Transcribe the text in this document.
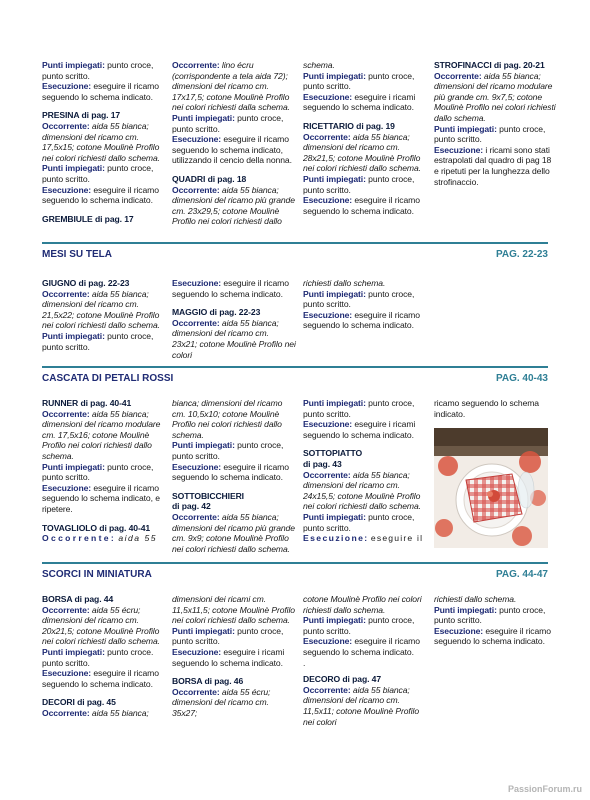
Punti impiegati: punto croce, punto scritto.
Esecuzione: eseguire il ricamo seguendo lo schema indicato.

PRESINA di pag. 17
Occorrente: aida 55 bianca; dimensioni del ricamo cm. 17,5x15; cotone Moulinè Profilo nei colori richiesti dallo schema.
Punti impiegati: punto croce, punto scritto.
Esecuzione: eseguire il ricamo seguendo lo schema indicato.

GREMBIULE di pag. 17

Occorrente: lino écru (corrispondente a tela aida 72); dimensioni del ricamo cm. 17x17,5; cotone Moulinè Profilo nei colori richiesti dalla schema.
Punti impiegati: punto croce, punto scritto.
Esecuzione: eseguire il ricamo seguendo lo schema indicato, utilizzando il cencio della nonna.

QUADRI di pag. 18
Occorrente: aida 55 bianca; dimensioni del ricamo più grande cm. 23x29,5; cotone Moulinè Profilo nei colori richiesti dallo

schema.
Punti impiegati: punto croce, punto scritto.
Esecuzione: eseguire i ricami seguendo lo schema indicato.

RICETTARIO di pag. 19
Occorrente: aida 55 bianca; dimensioni del ricamo cm. 28x21,5; cotone Moulinè Profilo nei colori richiesti dallo schema.
Punti impiegati: punto croce, punto scritto.
Esecuzione: eseguire il ricamo seguendo lo schema indicato.

STROFINACCI di pag. 20-21
Occorrente: aida 55 bianca; dimensioni del ricamo modulare più grande cm. 9x7,5; cotone Moulinè Profilo nei colori richiesti dallo schema.
Punti impiegati: punto croce, punto scritto.
Esecuzione: i ricami sono stati estrapolati dal quadro di pag 18 e ripetuti per la lunghezza dello strofinaccio.

MESI SU TELA	PAG. 22-23

GIUGNO di pag. 22-23
Occorrente: aida 55 bianca; dimensioni del ricamo cm. 21,5x22; cotone Moulinè Profilo nei colori richiesti dallo schema.
Punti impiegati: punto croce, punto scritto.

Esecuzione: eseguire il ricamo seguendo lo schema indicato.

MAGGIO di pag. 22-23
Occorrente: aida 55 bianca; dimensioni del ricamo cm. 23x21; cotone Moulinè Profilo nei colori

richiesti dallo schema.
Punti impiegati: punto croce, punto scritto.
Esecuzione: eseguire il ricamo seguendo lo schema indicato.

CASCATA DI PETALI ROSSI	PAG. 40-43

RUNNER di pag. 40-41
Occorrente: aida 55 bianca; dimensioni del ricamo modulare cm. 17,5x16; cotone Moulinè Profilo nei colori richiesti dallo schema.
Punti impiegati: punto croce, punto scritto.
Esecuzione: eseguire il ricamo seguendo lo schema indicato, e ripetere.

TOVAGLIOLO di pag. 40-41
Occorrente: aida 55

bianca; dimensioni del ricamo cm. 10,5x10; cotone Moulinè Profilo nei colori richiesti dallo schema.
Punti impiegati: punto croce, punto scritto.
Esecuzione: eseguire il ricamo seguendo lo schema indicato.

SOTTOBICCHIERI
di pag. 42
Occorrente: aida 55 bianca; dimensioni del ricamo più grande cm. 9x9; cotone Moulinè Profilo nei colori richiesti dallo schema.

Punti impiegati: punto croce, punto scritto.
Esecuzione: eseguire i ricami seguendo lo schema indicato.

SOTTOPIATTO
di pag. 43
Occorrente: aida 55 bianca; dimensioni del ricamo cm. 24x15,5; cotone Moulinè Profilo nei colori richiesti dallo schema.
Punti impiegati: punto croce, punto scritto.
Esecuzione: eseguire il

ricamo seguendo lo schema indicato.

SCORCI IN MINIATURA	PAG. 44-47

BORSA di pag. 44
Occorrente: aida 55 écru; dimensioni del ricamo cm. 20x21,5; cotone Moulinè Profilo nei colori richiesti dallo schema.
Punti impiegati: punto croce. punto scritto.
Esecuzione: eseguire il ricamo seguendo lo schema indicato.

DECORI di pag. 45
Occorrente: aida 55 bianca;

dimensioni dei ricami cm. 11,5x11,5; cotone Moulinè Profilo nei colori richiesti dallo schema.
Punti impiegati: punto croce, punto scritto.
Esecuzione: eseguire i ricami seguendo lo schema indicato.

BORSA di pag. 46
Occorrente: aida 55 écru; dimensioni del ricamo cm. 35x27;

cotone Moulinè Profilo nei colori richiesti dallo schema.
Punti impiegati: punto croce, punto scritto.
Esecuzione: eseguire il ricamo seguendo lo schema indicato.
.

DECORO di pag. 47
Occorrente: aida 55 bianca; dimensioni del ricamo cm. 11,5x11; cotone Moulinè Profilo nei colori

richiesti dallo schema.
Punti impiegati: punto croce, punto scritto.
Esecuzione: eseguire il ricamo seguendo lo schema indicato.

PassionForum.ru
